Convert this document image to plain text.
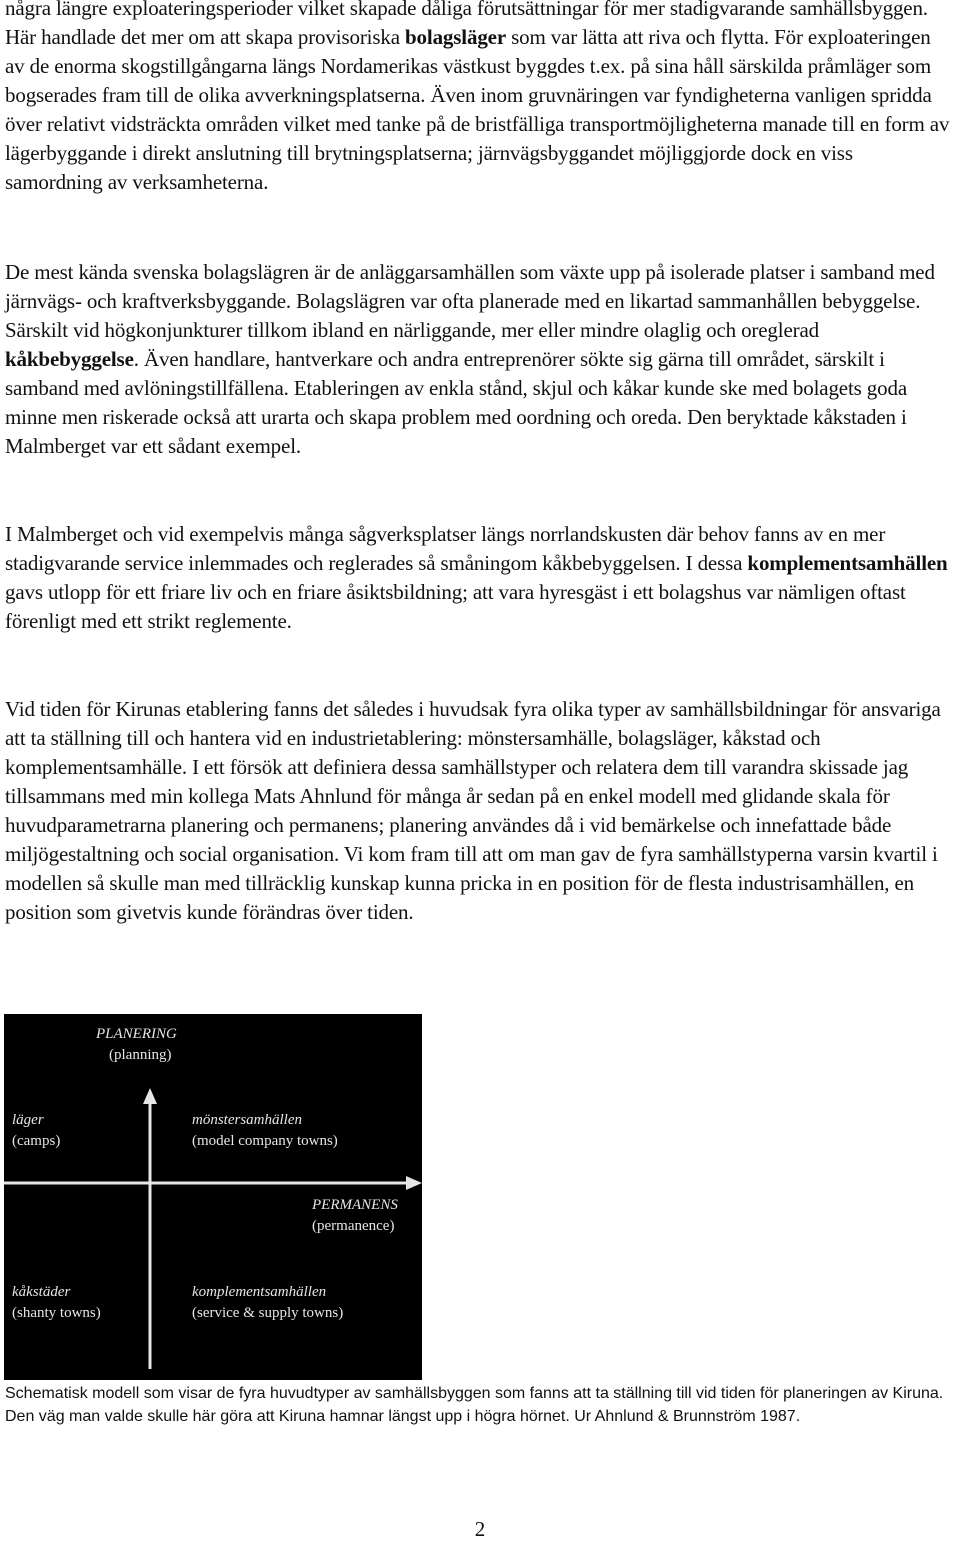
några längre exploateringsperioder vilket skapade dåliga förutsättningar för mer stadigvarande samhällsbyggen. Här handlade det mer om att skapa provisoriska bolagsläger som var lätta att riva och flytta. För exploateringen av de enorma skogstillgångarna längs Nordamerikas västkust byggdes t.ex. på sina håll särskilda pråmläger som bogserades fram till de olika avverkningsplatserna. Även inom gruvnäringen var fyndigheterna vanligen spridda över relativt vidsträckta områden vilket med tanke på de bristfälliga transportmöjligheterna manade till en form av lägerbyggande i direkt anslutning till brytningsplatserna; järnvägsbyggandet möjliggjorde dock en viss samordning av verksamheterna.

De mest kända svenska bolagslägren är de anläggarsamhällen som växte upp på isolerade platser i samband med järnvägs- och kraftverksbyggande. Bolagslägren var ofta planerade med en likartad sammanhållen bebyggelse. Särskilt vid högkonjunkturer tillkom ibland en närliggande, mer eller mindre olaglig och oreglerad kåkbebyggelse. Även handlare, hantverkare och andra entreprenörer sökte sig gärna till området, särskilt i samband med avlöningstillfällena. Etableringen av enkla stånd, skjul och kåkar kunde ske med bolagets goda minne men riskerade också att urarta och skapa problem med oordning och oreda. Den beryktade kåkstaden i Malmberget var ett sådant exempel.

I Malmberget och vid exempelvis många sågverksplatser längs norrlandskusten där behov fanns av en mer stadigvarande service inlemmades och reglerades så småningom kåkbebyggelsen. I dessa komplementsamhällen gavs utlopp för ett friare liv och en friare åsiktsbildning; att vara hyresgäst i ett bolagshus var nämligen oftast förenligt med ett strikt reglemente.

Vid tiden för Kirunas etablering fanns det således i huvudsak fyra olika typer av samhällsbildningar för ansvariga att ta ställning till och hantera vid en industrietablering: mönstersamhälle, bolagsläger, kåkstad och komplementsamhälle. I ett försök att definiera dessa samhällstyper och relatera dem till varandra skissade jag tillsammans med min kollega Mats Ahnlund för många år sedan på en enkel modell med glidande skala för huvudparametrarna planering och permanens; planering användes då i vid bemärkelse och innefattade både miljögestaltning och social organisation. Vi kom fram till att om man gav de fyra samhällstyperna varsin kvartil i modellen så skulle man med tillräcklig kunskap kunna pricka in en position för de flesta industrisamhällen, en position som givetvis kunde förändras över tiden.

PLANERING
(planning)
läger
(camps)
mönstersamhällen
(model company towns)
PERMANENS
(permanence)
kåkstäder
(shanty towns)
komplementsamhällen
(service & supply towns)
Schematisk modell som visar de fyra huvudtyper av samhällsbyggen som fanns att ta ställning till vid tiden för planeringen av Kiruna. Den väg man valde skulle här göra att Kiruna hamnar längst upp i högra hörnet. Ur Ahnlund & Brunnström 1987.
2
